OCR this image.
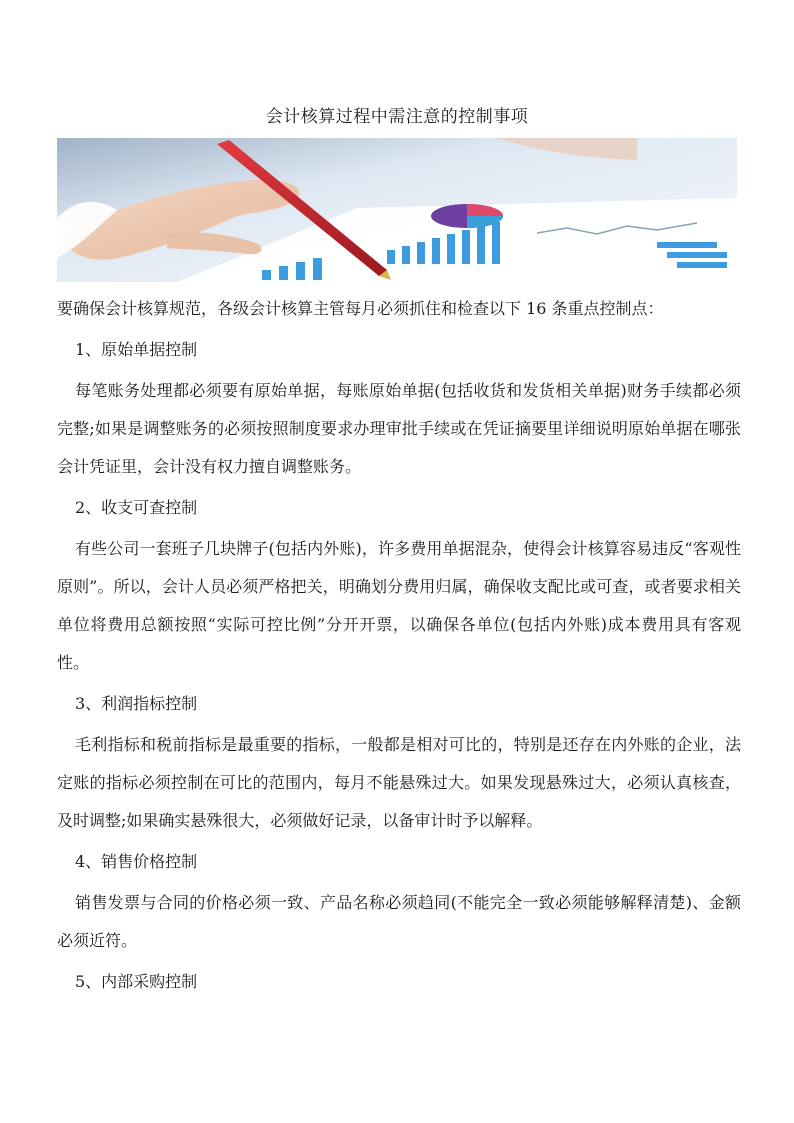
会计核算过程中需注意的控制事项
要确保会计核算规范，各级会计核算主管每月必须抓住和检查以下 16 条重点控制点：
1、原始单据控制

每笔账务处理都必须要有原始单据，每账原始单据(包括收货和发货相关单据)财务手续都必须完整;如果是调整账务的必须按照制度要求办理审批手续或在凭证摘要里详细说明原始单据在哪张会计凭证里，会计没有权力擅自调整账务。

2、收支可查控制

有些公司一套班子几块牌子(包括内外账)，许多费用单据混杂，使得会计核算容易违反“客观性原则”。所以，会计人员必须严格把关，明确划分费用归属，确保收支配比或可查，或者要求相关单位将费用总额按照“实际可控比例”分开开票，以确保各单位(包括内外账)成本费用具有客观性。

3、利润指标控制

毛利指标和税前指标是最重要的指标，一般都是相对可比的，特别是还存在内外账的企业，法定账的指标必须控制在可比的范围内，每月不能悬殊过大。如果发现悬殊过大，必须认真核查，及时调整;如果确实悬殊很大，必须做好记录，以备审计时予以解释。

4、销售价格控制

销售发票与合同的价格必须一致、产品名称必须趋同(不能完全一致必须能够解释清楚)、金额必须近符。

5、内部采购控制
